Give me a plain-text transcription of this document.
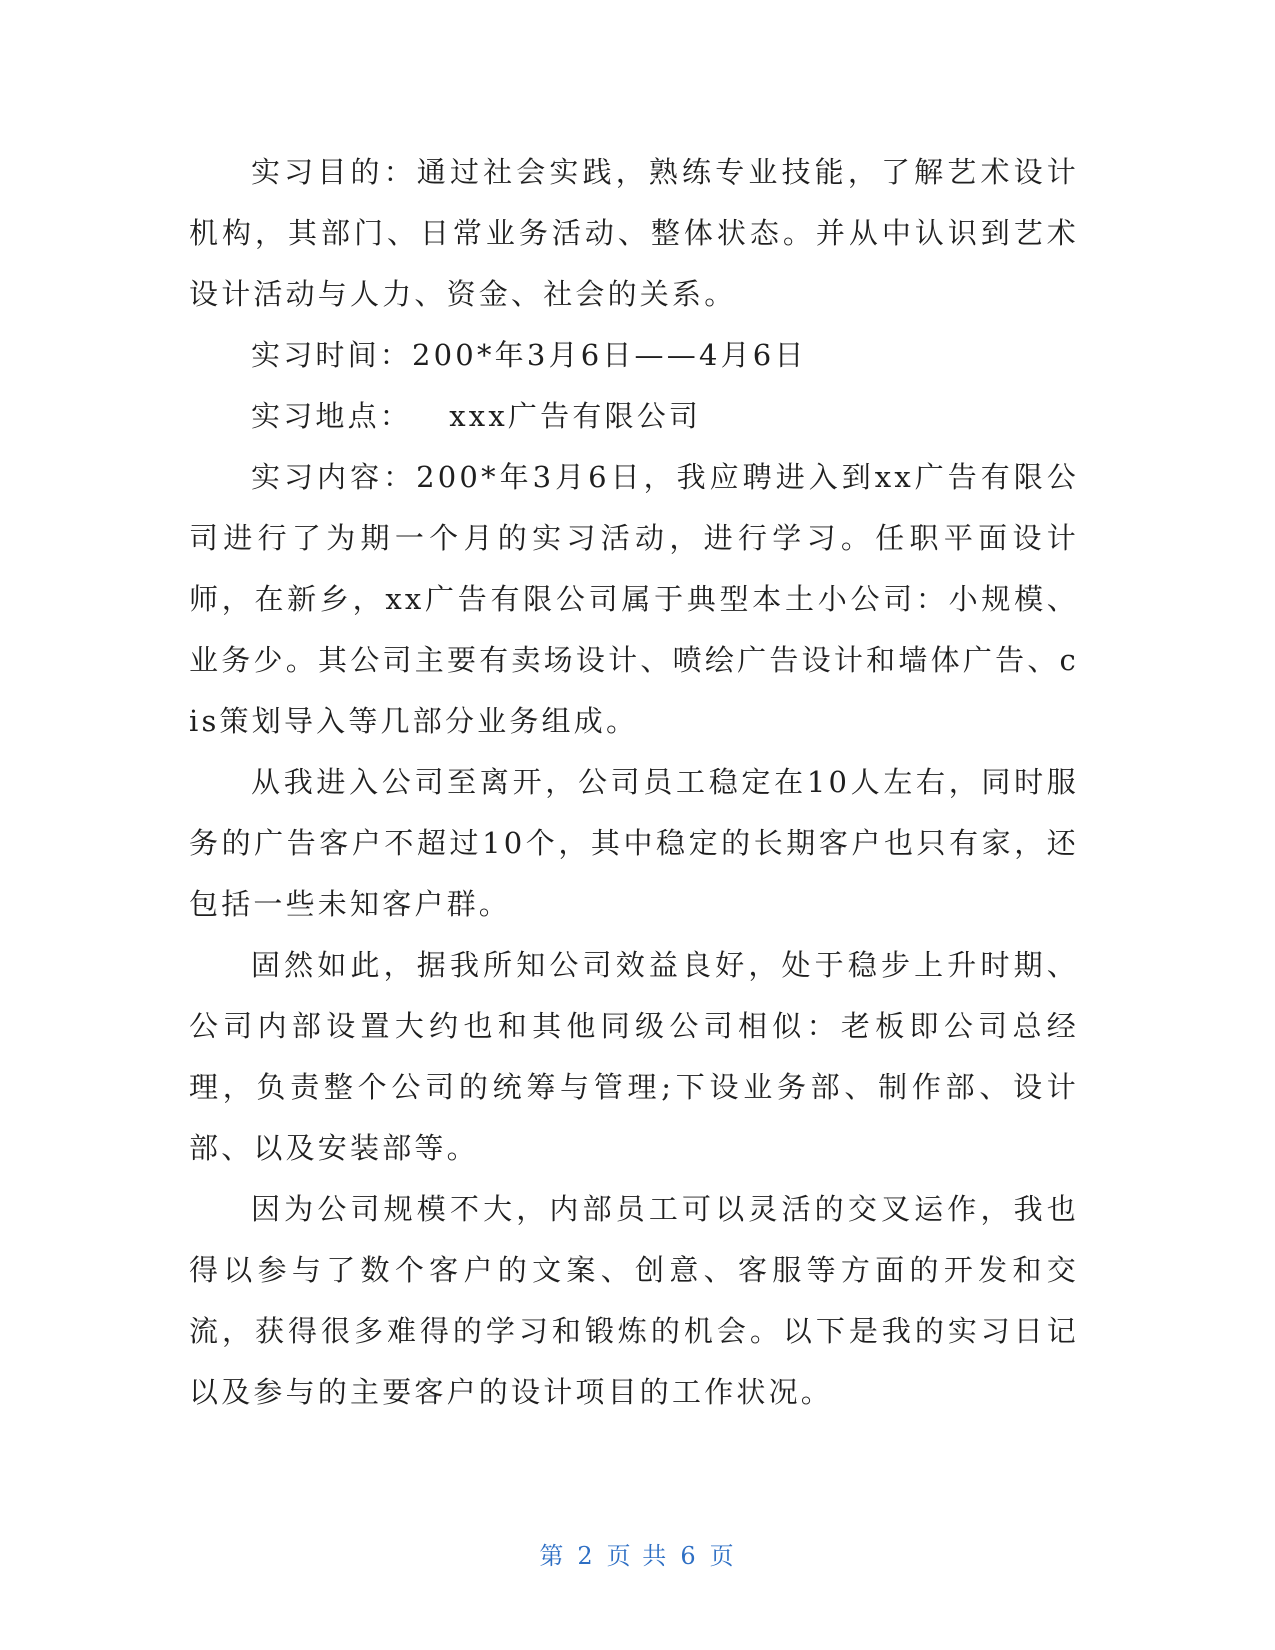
实习目的：通过社会实践，熟练专业技能，了解艺术设计机构，其部门、日常业务活动、整体状态。并从中认识到艺术设计活动与人力、资金、社会的关系。

实习时间：200*年3月6日——4月6日

实习地点：   xxx广告有限公司

实习内容：200*年3月6日，我应聘进入到xx广告有限公司进行了为期一个月的实习活动，进行学习。任职平面设计师，在新乡，xx广告有限公司属于典型本土小公司：小规模、业务少。其公司主要有卖场设计、喷绘广告设计和墙体广告、cis策划导入等几部分业务组成。

从我进入公司至离开，公司员工稳定在10人左右，同时服务的广告客户不超过10个，其中稳定的长期客户也只有家，还包括一些未知客户群。

固然如此，据我所知公司效益良好，处于稳步上升时期、公司内部设置大约也和其他同级公司相似：老板即公司总经理，负责整个公司的统筹与管理;下设业务部、制作部、设计部、以及安装部等。

因为公司规模不大，内部员工可以灵活的交叉运作，我也得以参与了数个客户的文案、创意、客服等方面的开发和交流，获得很多难得的学习和锻炼的机会。以下是我的实习日记以及参与的主要客户的设计项目的工作状况。

第 2 页 共 6 页
